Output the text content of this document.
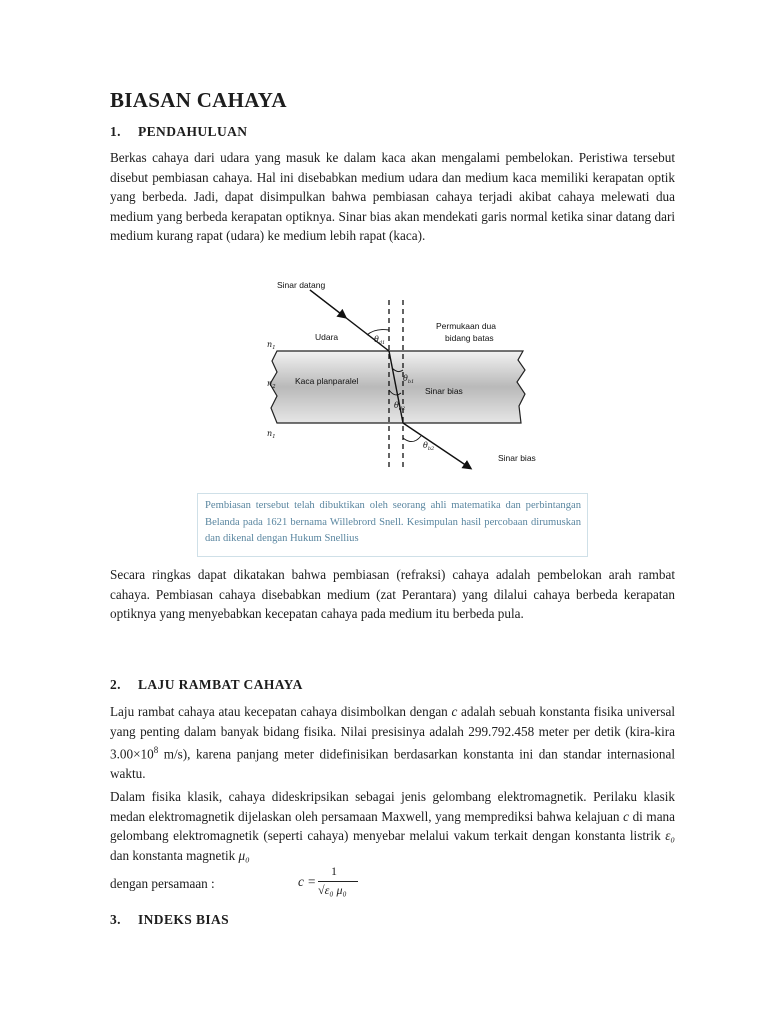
BIASAN CAHAYA
1. PENDAHULUAN

Berkas cahaya dari udara yang masuk ke dalam kaca akan mengalami pembelokan. Peristiwa tersebut disebut pembiasan cahaya. Hal ini disebabkan medium udara dan medium kaca memiliki kerapatan optik yang berbeda. Jadi, dapat disimpulkan bahwa pembiasan cahaya terjadi akibat cahaya melewati dua medium yang berbeda kerapatan optiknya. Sinar bias akan mendekati garis normal ketika sinar datang dari medium kurang rapat (udara) ke medium lebih rapat (kaca).

Sinar datang
Udara
Permukaan dua
bidang batas
Kaca planparalel
Sinar bias
Sinar bias
$n_1$
$n_2$
$n_1$
$\theta_{d1}$
$\theta_{b1}$
$\theta_{d2}$
$\theta_{b2}$
Pembiasan tersebut telah dibuktikan oleh seorang ahli matematika dan perbintangan Belanda pada 1621 bernama Willebrord Snell. Kesimpulan hasil percobaan dirumuskan dan dikenal dengan Hukum Snellius

Secara ringkas dapat dikatakan bahwa pembiasan (refraksi) cahaya adalah pembelokan arah rambat cahaya. Pembiasan cahaya disebabkan medium (zat Perantara) yang dilalui cahaya berbeda kerapatan optiknya yang menyebabkan kecepatan cahaya pada medium itu berbeda pula.

2. LAJU RAMBAT CAHAYA

Laju rambat cahaya atau kecepatan cahaya disimbolkan dengan c adalah sebuah konstanta fisika universal yang penting dalam banyak bidang fisika. Nilai presisinya adalah 299.792.458 meter per detik (kira-kira $3.00\times 10^8$ m/s), karena panjang meter didefinisikan berdasarkan konstanta ini dan standar internasional waktu.

Dalam fisika klasik, cahaya dideskripsikan sebagai jenis gelombang elektromagnetik. Perilaku klasik medan elektromagnetik dijelaskan oleh persamaan Maxwell, yang memprediksi bahwa kelajuan c di mana gelombang elektromagnetik (seperti cahaya) menyebar melalui vakum terkait dengan konstanta listrik ε₀ dan konstanta magnetik μ₀

dengan persamaan :	c =
1
√ε₀ μ₀
3. INDEKS BIAS
